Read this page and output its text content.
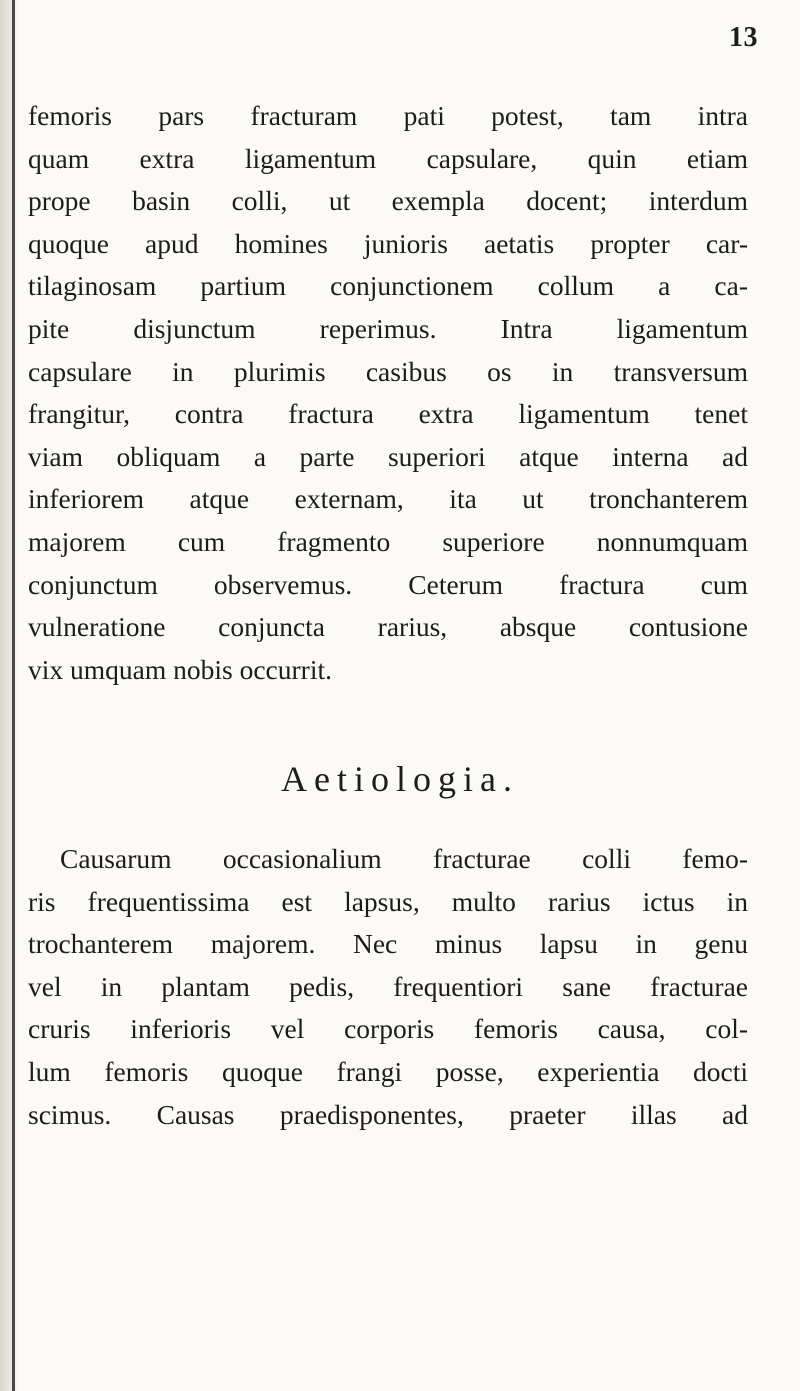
13
femoris pars fracturam pati potest, tam intra
quam extra ligamentum capsulare, quin etiam
prope basin colli, ut exempla docent; interdum
quoque apud homines junioris aetatis propter car-
tilaginosam partium conjunctionem collum a ca-
pite disjunctum reperimus. Intra ligamentum
capsulare in plurimis casibus os in transversum
frangitur, contra fractura extra ligamentum tenet
viam obliquam a parte superiori atque interna ad
inferiorem atque externam, ita ut tronchanterem
majorem cum fragmento superiore nonnumquam
conjunctum observemus. Ceterum fractura cum
vulneratione conjuncta rarius, absque contusione
vix umquam nobis occurrit.
Aetiologia.
Causarum occasionalium fracturae colli femo-
ris frequentissima est lapsus, multo rarius ictus in
trochanterem majorem. Nec minus lapsu in genu
vel in plantam pedis, frequentiori sane fracturae
cruris inferioris vel corporis femoris causa, col-
lum femoris quoque frangi posse, experientia docti
scimus. Causas praedisponentes, praeter illas ad
